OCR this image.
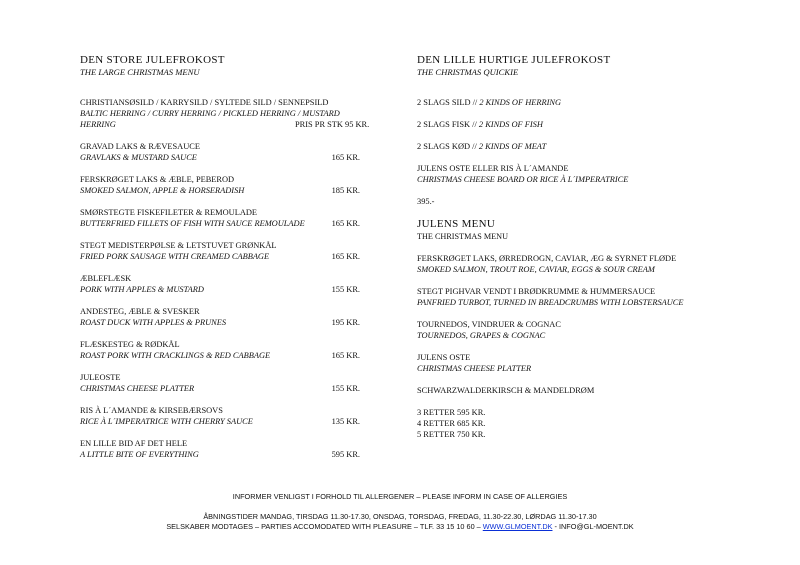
DEN STORE JULEFROKOST
THE LARGE CHRISTMAS MENU
CHRISTIANSØSILD / KARRYSILD / SYLTEDE SILD / SENNEPSILD
BALTIC HERRING / CURRY HERRING / PICKLED HERRING / MUSTARD
HERRING	PRIS PR STK 95 KR.
GRAVAD LAKS & RÆVESAUCE
GRAVLAKS & MUSTARD SAUCE	165 KR.
FERSKRØGET LAKS & ÆBLE, PEBEROD
SMOKED SALMON, APPLE & HORSERADISH	185 KR.
SMØRSTEGTE FISKEFILETER & REMOULADE
BUTTERFRIED FILLETS OF FISH WITH SAUCE REMOULADE	165 KR.
STEGT MEDISTERPØLSE & LETSTUVET GRØNKÅL
FRIED PORK SAUSAGE WITH CREAMED CABBAGE	165 KR.
ÆBLEFLÆSK
PORK WITH APPLES & MUSTARD	155 KR.
ANDESTEG, ÆBLE & SVESKER
ROAST DUCK WITH APPLES & PRUNES	195 KR.
FLÆSKESTEG & RØDKÅL
ROAST PORK WITH CRACKLINGS & RED CABBAGE	165 KR.
JULEOSTE
CHRISTMAS CHEESE PLATTER	155 KR.
RIS À L´AMANDE & KIRSEBÆRSOVS
RICE À L´IMPERATRICE WITH CHERRY SAUCE	135 KR.
EN LILLE BID AF DET HELE
A LITTLE BITE OF EVERYTHING	595 KR.
DEN LILLE HURTIGE JULEFROKOST
THE CHRISTMAS QUICKIE
2 SLAGS SILD // 2 KINDS OF HERRING
2 SLAGS FISK // 2 KINDS OF FISH
2 SLAGS KØD // 2 KINDS OF MEAT
JULENS OSTE ELLER RIS À L´AMANDE
CHRISTMAS CHEESE BOARD OR RICE À L´IMPERATRICE
395.-
JULENS MENU
THE CHRISTMAS MENU
FERSKRØGET LAKS, ØRREDROGN, CAVIAR, ÆG & SYRNET FLØDE
SMOKED SALMON, TROUT ROE, CAVIAR, EGGS & SOUR CREAM
STEGT PIGHVAR VENDT I BRØDKRUMME & HUMMERSAUCE
PANFRIED TURBOT, TURNED IN BREADCRUMBS WITH LOBSTERSAUCE
TOURNEDOS, VINDRUER & COGNAC
TOURNEDOS, GRAPES & COGNAC
JULENS OSTE
CHRISTMAS CHEESE PLATTER
SCHWARZWALDERKIRSCH & MANDELDRØM
3 RETTER 595 KR.
4 RETTER 685 KR.
5 RETTER 750 KR.
INFORMER VENLIGST I FORHOLD TIL ALLERGENER – PLEASE INFORM IN CASE OF ALLERGIES
ÅBNINGSTIDER MANDAG, TIRSDAG 11.30-17.30, ONSDAG, TORSDAG, FREDAG, 11.30-22.30, LØRDAG 11.30-17.30
SELSKABER MODTAGES – PARTIES ACCOMODATED WITH PLEASURE – TLF. 33 15 10 60 – WWW.GLMOENT.DK - INFO@GL-MOENT.DK
